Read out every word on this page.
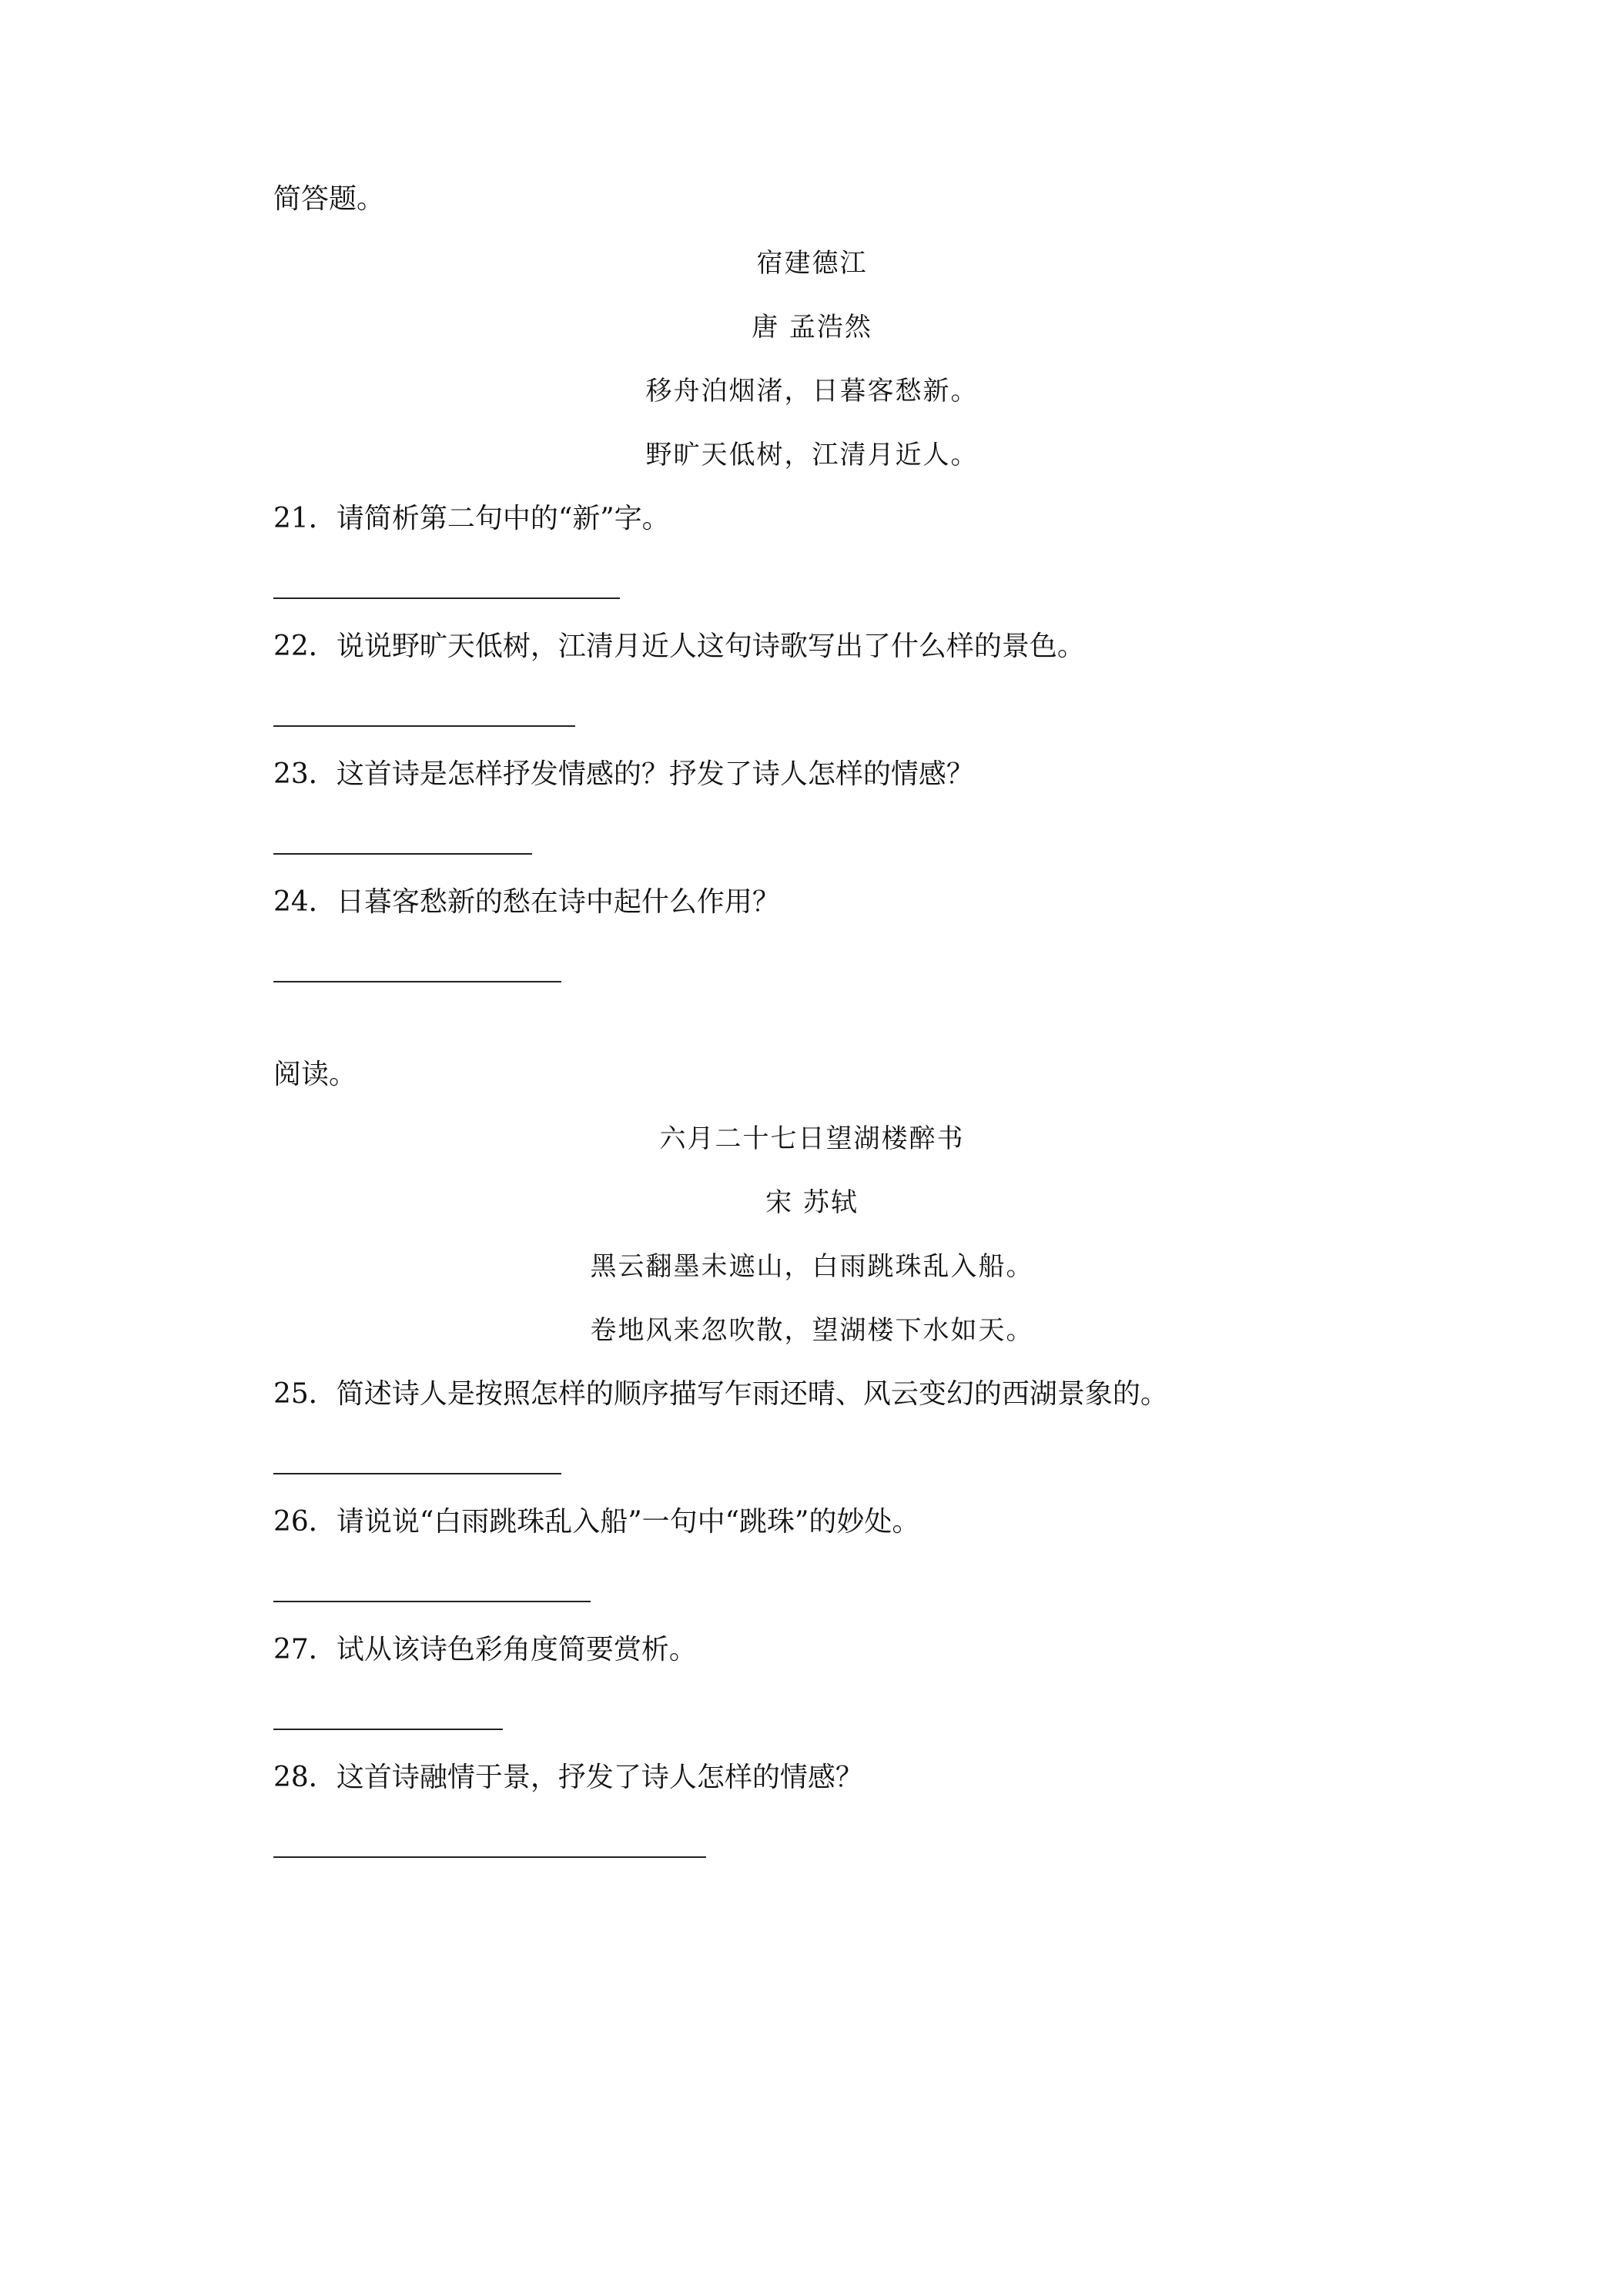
简答题。
宿建德江
唐 孟浩然
移舟泊烟渚，日暮客愁新。
野旷天低树，江清月近人。
21．请简析第二句中的“新”字。
22．说说野旷天低树，江清月近人这句诗歌写出了什么样的景色。
23．这首诗是怎样抒发情感的？抒发了诗人怎样的情感？
24．日暮客愁新的愁在诗中起什么作用？
阅读。
六月二十七日望湖楼醉书
宋 苏轼
黑云翻墨未遮山，白雨跳珠乱入船。
卷地风来忽吹散，望湖楼下水如天。
25．简述诗人是按照怎样的顺序描写乍雨还晴、风云变幻的西湖景象的。
26．请说说“白雨跳珠乱入船”一句中“跳珠”的妙处。
27．试从该诗色彩角度简要赏析。
28．这首诗融情于景，抒发了诗人怎样的情感？
